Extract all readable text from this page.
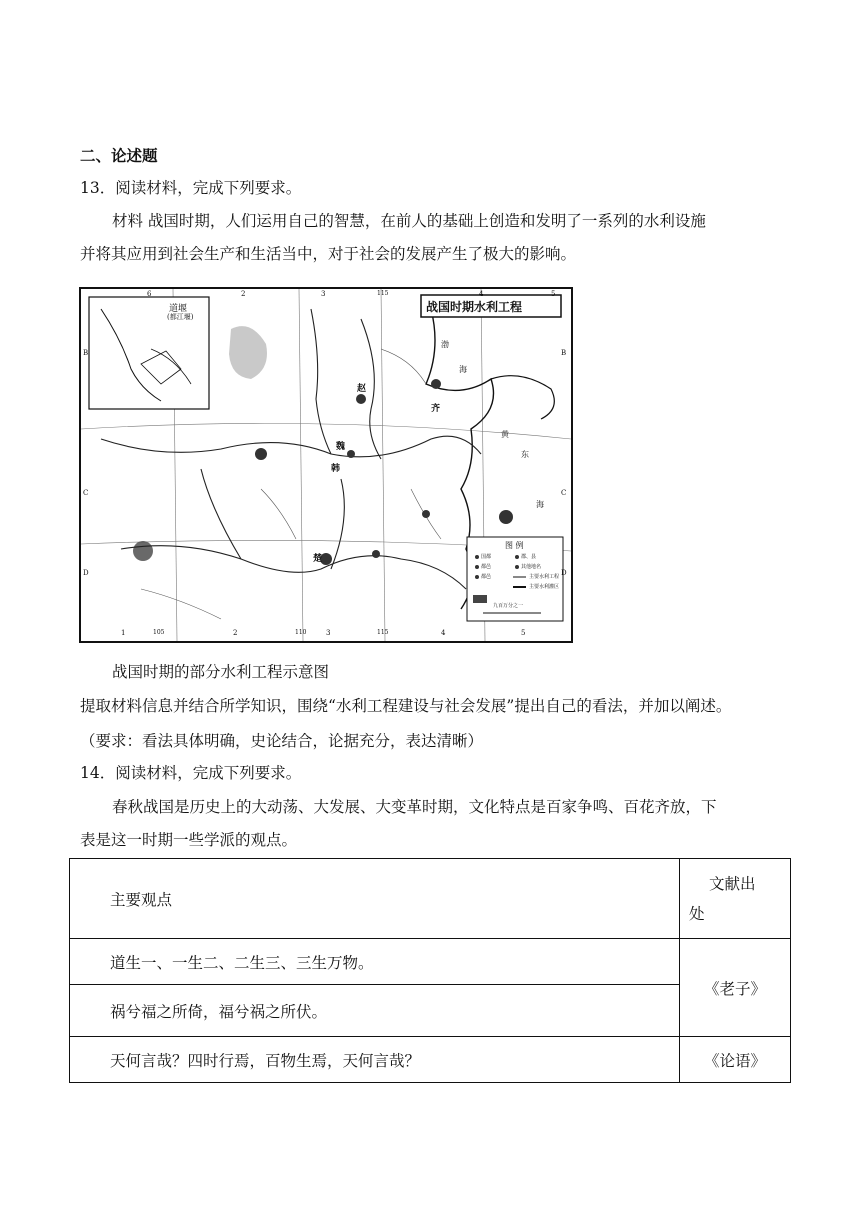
二、论述题
13．阅读材料，完成下列要求。
材料 战国时期，人们运用自己的智慧，在前人的基础上创造和发明了一系列的水利设施
并将其应用到社会生产和生活当中，对于社会的发展产生了极大的影响。
战国时期水利工程
道堰
(都江堰)
图 例
国都
都邑
都邑
郡、县
其他地名
主要水利工程
主要水利灌区
九百万分之一
6	2	3	115	4	5
B
C
D
B
C
D
1	105	2	110	3	115	4	5
赵
齐
魏
韩
楚
渤
海
黄
东
海
战国时期的部分水利工程示意图
提取材料信息并结合所学知识，围绕“水利工程建设与社会发展”提出自己的看法，并加以阐述。
（要求：看法具体明确，史论结合，论据充分，表达清晰）
14．阅读材料，完成下列要求。
春秋战国是历史上的大动荡、大发展、大变革时期，文化特点是百家争鸣、百花齐放，下
表是这一时期一些学派的观点。
主要观点	文献出
处

道生一、一生二、二生三、三生万物。	《老子》
祸兮福之所倚，福兮祸之所伏。	
天何言哉？四时行焉，百物生焉，天何言哉？	《论语》
